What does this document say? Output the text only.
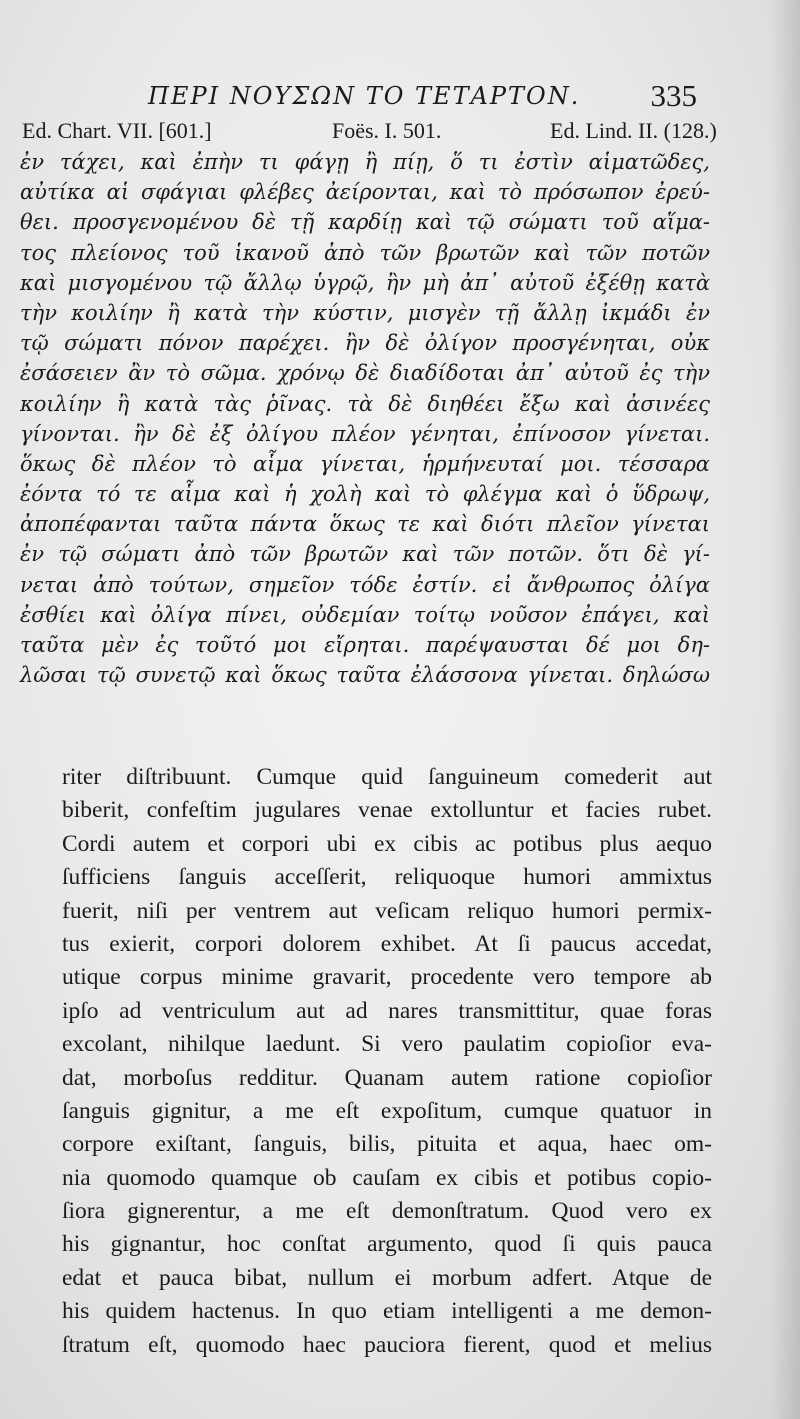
ΠΕΡΙ ΝΟΥΣΩΝ ΤΟ ΤΕΤΑΡΤΟΝ. 335
Ed. Chart. VII. [601.]	Foës. I. 501.	Ed. Lind. II. (128.)
ἐν τάχει, καὶ ἐπὴν τι φάγῃ ἢ πίῃ, ὅ τι ἐστὶν αἱματῶδες,
αὐτίκα αἱ σφάγιαι φλέβες ἀείρονται, καὶ τὸ πρόσωπον ἐρεύ-
θει. προσγενομένου δὲ τῇ καρδίῃ καὶ τῷ σώματι τοῦ αἵμα-
τος πλείονος τοῦ ἱκανοῦ ἀπὸ τῶν βρωτῶν καὶ τῶν ποτῶν
καὶ μισγομένου τῷ ἄλλῳ ὑγρῷ, ἢν μὴ ἀπ᾽ αὐτοῦ ἐξέθῃ κατὰ
τὴν κοιλίην ἢ κατὰ τὴν κύστιν, μισγὲν τῇ ἄλλῃ ἰκμάδι ἐν
τῷ σώματι πόνον παρέχει. ἢν δὲ ὀλίγον προσγένηται, οὐκ
ἐσάσειεν ἂν τὸ σῶμα. χρόνῳ δὲ διαδίδοται ἀπ᾽ αὐτοῦ ἐς τὴν
κοιλίην ἢ κατὰ τὰς ῥῖνας. τὰ δὲ διηθέει ἔξω καὶ ἀσινέες
γίνονται. ἢν δὲ ἐξ ὀλίγου πλέον γένηται, ἐπίνοσον γίνεται.
ὅκως δὲ πλέον τὸ αἷμα γίνεται, ἡρμήνευταί μοι. τέσσαρα
ἐόντα τό τε αἷμα καὶ ἡ χολὴ καὶ τὸ φλέγμα καὶ ὁ ὕδρωψ,
ἀποπέφανται ταῦτα πάντα ὅκως τε καὶ διότι πλεῖον γίνεται
ἐν τῷ σώματι ἀπὸ τῶν βρωτῶν καὶ τῶν ποτῶν. ὅτι δὲ γί-
νεται ἀπὸ τούτων, σημεῖον τόδε ἐστίν. εἰ ἄνθρωπος ὀλίγα
ἐσθίει καὶ ὀλίγα πίνει, οὐδεμίαν τοίτῳ νοῦσον ἐπάγει, καὶ
ταῦτα μὲν ἐς τοῦτό μοι εἴρηται. παρέψαυσται δέ μοι δη-
λῶσαι τῷ συνετῷ καὶ ὅκως ταῦτα ἐλάσσονα γίνεται. δηλώσω
riter diſtribuunt. Cumque quid ſanguineum comederit aut
biberit, confeſtim jugulares venae extolluntur et facies rubet.
Cordi autem et corpori ubi ex cibis ac potibus plus aequo
ſufficiens ſanguis acceſſerit, reliquoque humori ammixtus
fuerit, niſi per ventrem aut veſicam reliquo humori permix-
tus exierit, corpori dolorem exhibet. At ſi paucus accedat,
utique corpus minime gravarit, procedente vero tempore ab
ipſo ad ventriculum aut ad nares transmittitur, quae foras
excolant, nihilque laedunt. Si vero paulatim copioſior eva-
dat, morboſus redditur. Quanam autem ratione copioſior
ſanguis gignitur, a me eſt expoſitum, cumque quatuor in
corpore exiſtant, ſanguis, bilis, pituita et aqua, haec om-
nia quomodo quamque ob cauſam ex cibis et potibus copio-
ſiora gignerentur, a me eſt demonſtratum. Quod vero ex
his gignantur, hoc conſtat argumento, quod ſi quis pauca
edat et pauca bibat, nullum ei morbum adfert. Atque de
his quidem hactenus. In quo etiam intelligenti a me demon-
ſtratum eſt, quomodo haec pauciora fierent, quod et melius
